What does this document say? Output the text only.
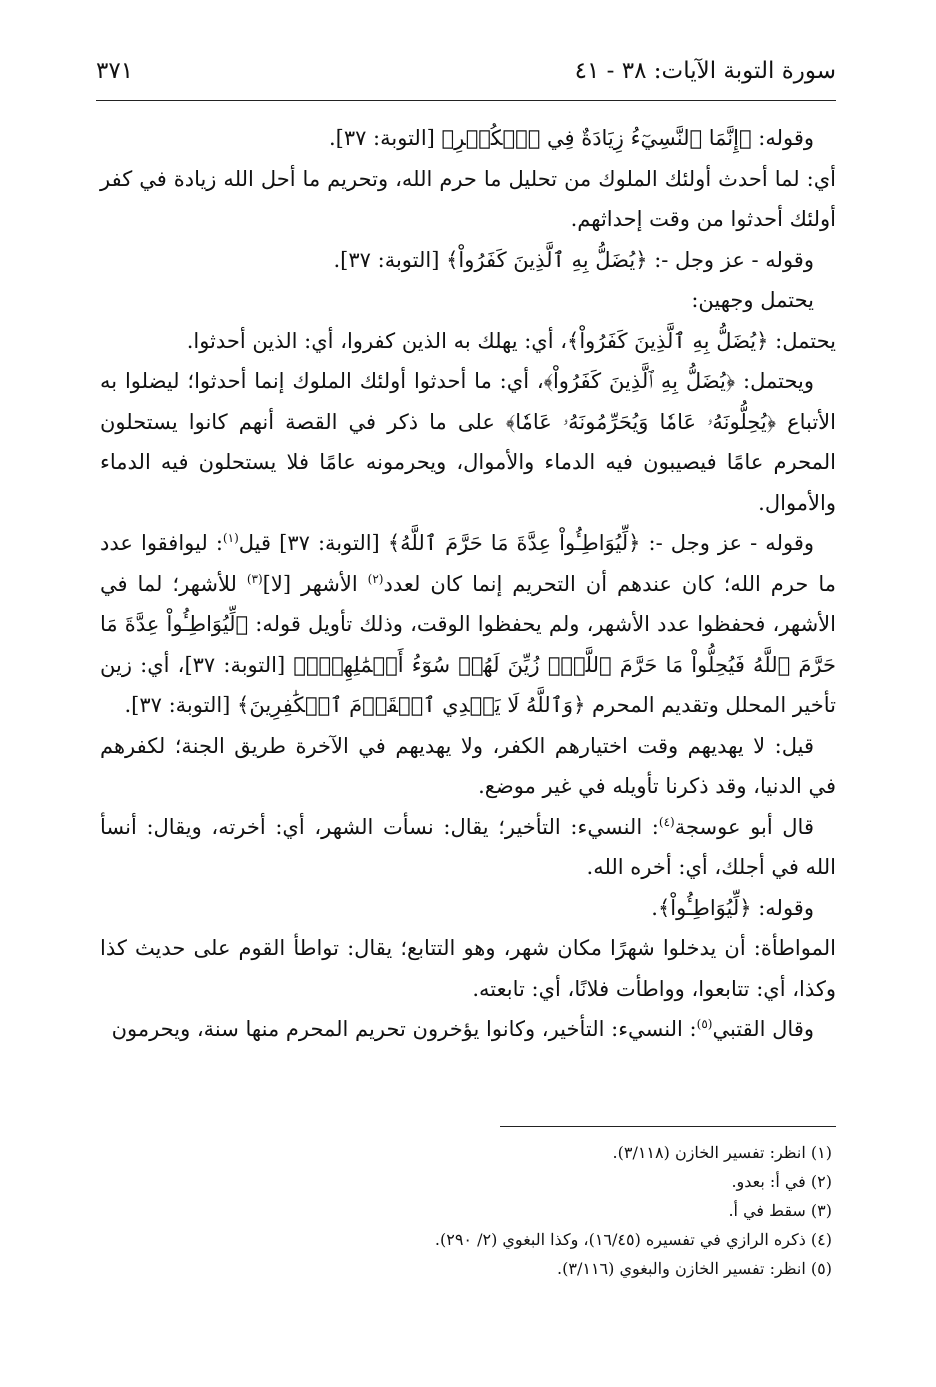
سورة التوبة الآيات: ٣٨ - ٤١
٣٧١

وقوله: ﴿إِنَّمَا ٱلنَّسِيٓءُ زِيَادَةٌ فِي ٱلۡكُفۡرِ﴾ [التوبة: ٣٧].

أي: لما أحدث أولئك الملوك من تحليل ما حرم الله، وتحريم ما أحل الله زيادة في كفر أولئك أحدثوا من وقت إحداثهم.

وقوله - عز وجل -: ﴿يُضَلُّ بِهِ ٱلَّذِينَ كَفَرُواْ﴾ [التوبة: ٣٧].

يحتمل وجهين:

يحتمل: ﴿يُضَلُّ بِهِ ٱلَّذِينَ كَفَرُواْ﴾، أي: يهلك به الذين كفروا، أي: الذين أحدثوا.

ويحتمل: ﴿يُضَلُّ بِهِ ٱلَّذِينَ كَفَرُواْ﴾، أي: ما أحدثوا أولئك الملوك إنما أحدثوا؛ ليضلوا به الأتباع ﴿يُحِلُّونَهُۥ عَامٗا وَيُحَرِّمُونَهُۥ عَامٗا﴾ على ما ذكر في القصة أنهم كانوا يستحلون المحرم عامًا فيصيبون فيه الدماء والأموال، ويحرمونه عامًا فلا يستحلون فيه الدماء والأموال.

وقوله - عز وجل -: ﴿لِّيُوَاطِـُٔواْ عِدَّةَ مَا حَرَّمَ ٱللَّهُ﴾ [التوبة: ٣٧] قيل$^{(١)}$: ليوافقوا عدد ما حرم الله؛ كان عندهم أن التحريم إنما كان لعدد$^{(٢)}$ الأشهر [لا]$^{(٣)}$ للأشهر؛ لما في الأشهر، فحفظوا عدد الأشهر، ولم يحفظوا الوقت، وذلك تأويل قوله: ﴿لِّيُوَاطِـُٔواْ عِدَّةَ مَا حَرَّمَ ٱللَّهُ فَيُحِلُّواْ مَا حَرَّمَ ٱللَّهُۚ زُيِّنَ لَهُمۡ سُوٓءُ أَعۡمَٰلِهِمۡۗ﴾ [التوبة: ٣٧]، أي: زين تأخير المحلل وتقديم المحرم ﴿وَٱللَّهُ لَا يَهۡدِي ٱلۡقَوۡمَ ٱلۡكَٰفِرِينَ﴾ [التوبة: ٣٧].

قيل: لا يهديهم وقت اختيارهم الكفر، ولا يهديهم في الآخرة طريق الجنة؛ لكفرهم في الدنيا، وقد ذكرنا تأويله في غير موضع.

قال أبو عوسجة$^{(٤)}$: النسيء: التأخير؛ يقال: نسأت الشهر، أي: أخرته، ويقال: أنسأ الله في أجلك، أي: أخره الله.

وقوله: ﴿لِّيُوَاطِـُٔواْ﴾.

المواطأة: أن يدخلوا شهرًا مكان شهر، وهو التتابع؛ يقال: تواطأ القوم على حديث كذا وكذا، أي: تتابعوا، وواطأت فلانًا، أي: تابعته.

وقال القتبي$^{(٥)}$: النسيء: التأخير، وكانوا يؤخرون تحريم المحرم منها سنة، ويحرمون

(١) انظر: تفسير الخازن (٣/١١٨).
(٢) في أ: بعدو.
(٣) سقط في أ.
(٤) ذكره الرازي في تفسيره (١٦/٤٥)، وكذا البغوي (٢/ ٢٩٠).
(٥) انظر: تفسير الخازن والبغوي (٣/١١٦).
